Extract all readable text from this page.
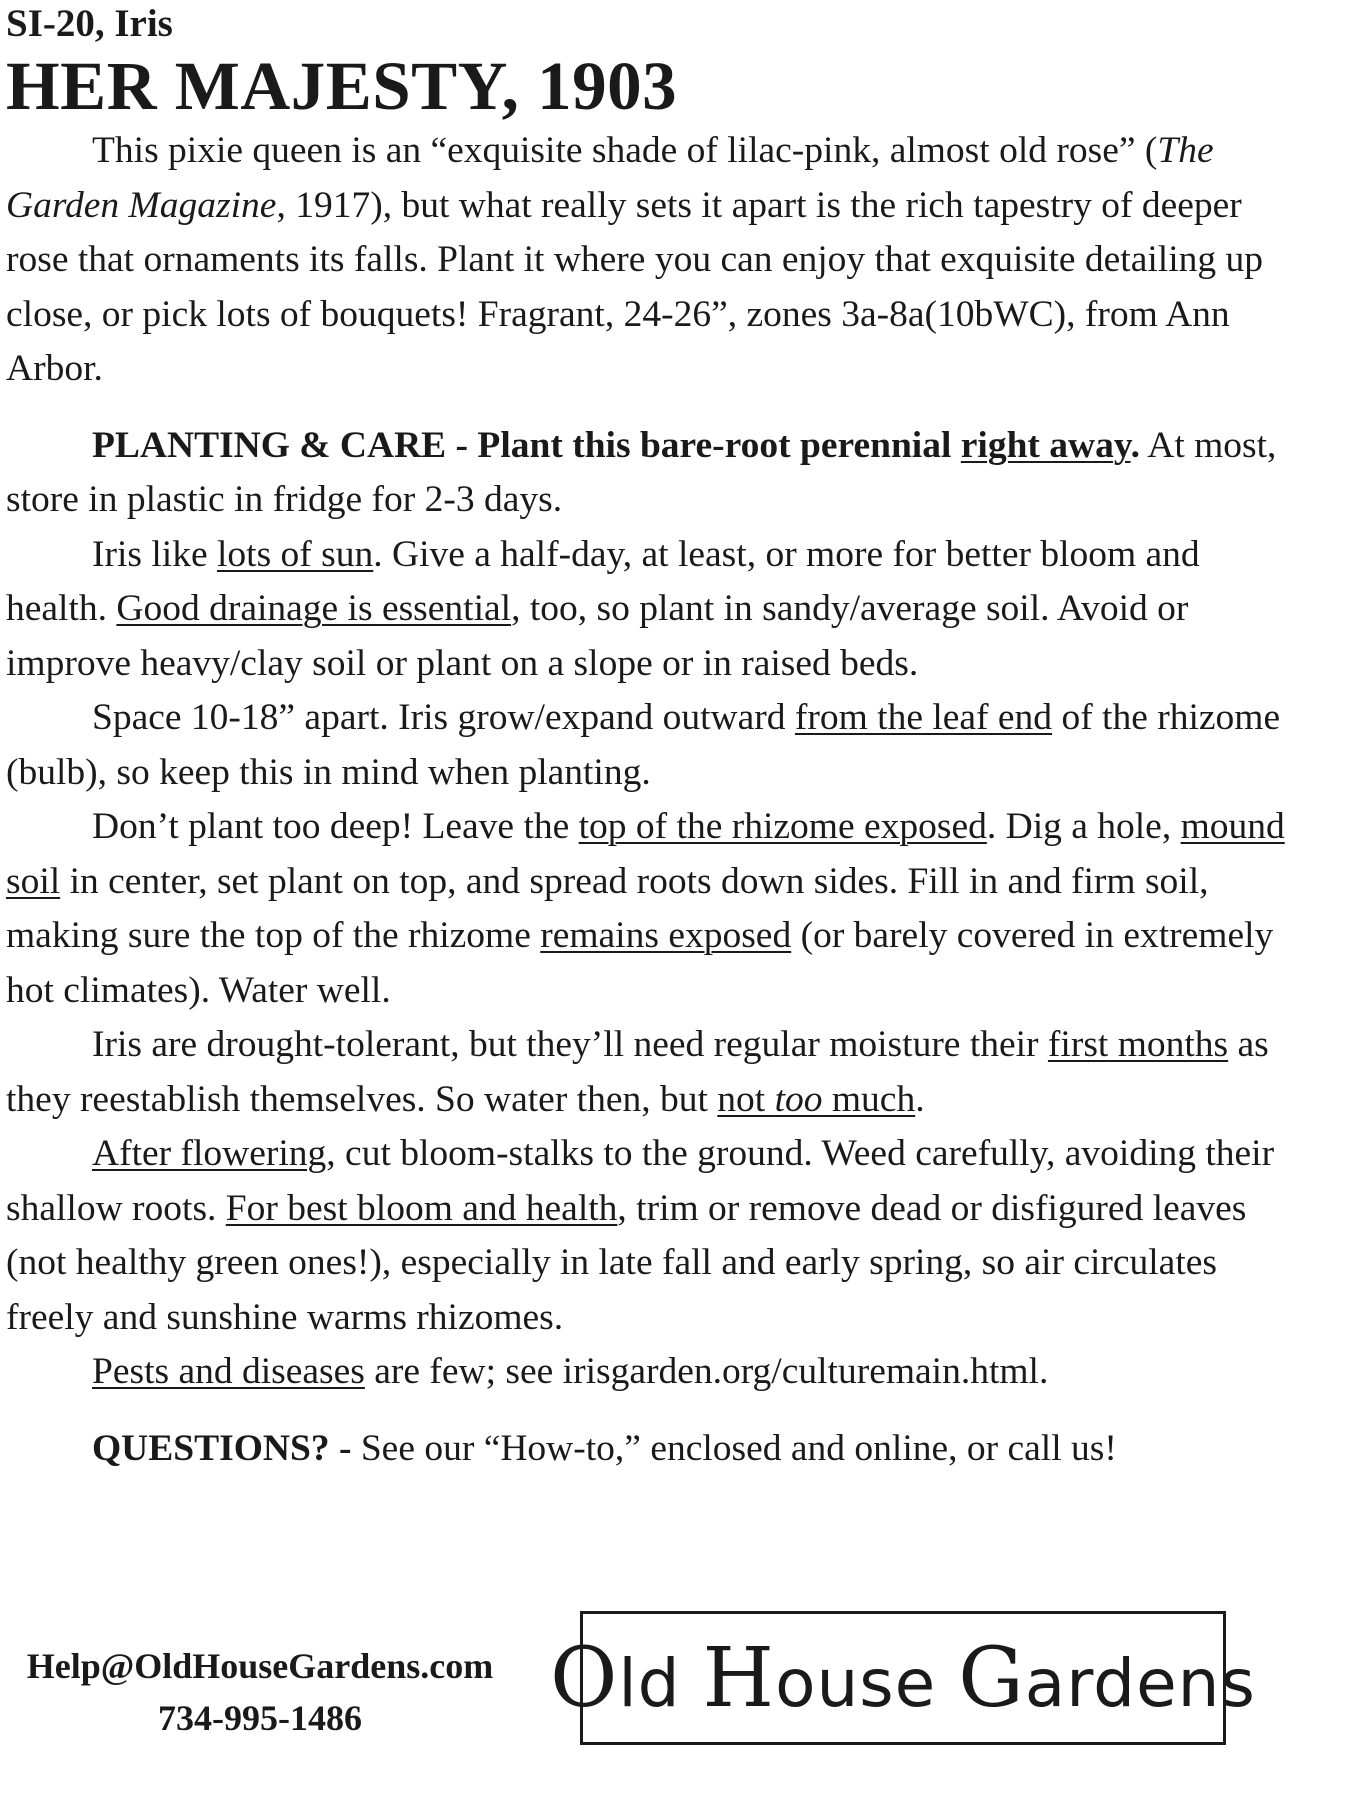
SI-20, Iris
HER MAJESTY, 1903

This pixie queen is an “exquisite shade of lilac-pink, almost old rose” (The Garden Magazine, 1917), but what really sets it apart is the rich tapestry of deeper rose that ornaments its falls. Plant it where you can enjoy that exquisite detailing up close, or pick lots of bouquets! Fragrant, 24-26”, zones 3a-8a(10bWC), from Ann Arbor.

PLANTING & CARE - Plant this bare-root perennial right away. At most, store in plastic in fridge for 2-3 days.

Iris like lots of sun. Give a half-day, at least, or more for better bloom and health. Good drainage is essential, too, so plant in sandy/average soil. Avoid or improve heavy/clay soil or plant on a slope or in raised beds.

Space 10-18” apart. Iris grow/expand outward from the leaf end of the rhizome (bulb), so keep this in mind when planting.

Don’t plant too deep! Leave the top of the rhizome exposed. Dig a hole, mound soil in center, set plant on top, and spread roots down sides. Fill in and firm soil, making sure the top of the rhizome remains exposed (or barely covered in extremely hot climates). Water well.

Iris are drought-tolerant, but they’ll need regular moisture their first months as they reestablish themselves. So water then, but not too much.

After flowering, cut bloom-stalks to the ground. Weed carefully, avoiding their shallow roots. For best bloom and health, trim or remove dead or disfigured leaves (not healthy green ones!), especially in late fall and early spring, so air circulates freely and sunshine warms rhizomes.

Pests and diseases are few; see irisgarden.org/culturemain.html.

QUESTIONS? - See our “How-to,” enclosed and online, or call us!

Help@OldHouseGardens.com
734-995-1486	Old House Gardens
